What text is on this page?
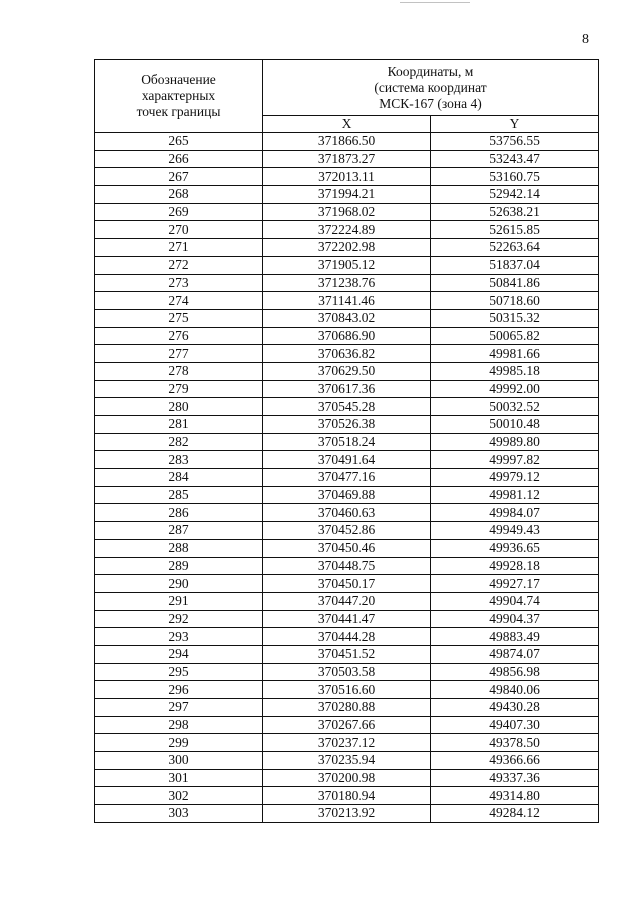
8
Обозначение
характерных
точек границы	Координаты, м
(система координат
МСК-167 (зона 4)	

	X	Y
265	371866.50	53756.55
266	371873.27	53243.47
267	372013.11	53160.75
268	371994.21	52942.14
269	371968.02	52638.21
270	372224.89	52615.85
271	372202.98	52263.64
272	371905.12	51837.04
273	371238.76	50841.86
274	371141.46	50718.60
275	370843.02	50315.32
276	370686.90	50065.82
277	370636.82	49981.66
278	370629.50	49985.18
279	370617.36	49992.00
280	370545.28	50032.52
281	370526.38	50010.48
282	370518.24	49989.80
283	370491.64	49997.82
284	370477.16	49979.12
285	370469.88	49981.12
286	370460.63	49984.07
287	370452.86	49949.43
288	370450.46	49936.65
289	370448.75	49928.18
290	370450.17	49927.17
291	370447.20	49904.74
292	370441.47	49904.37
293	370444.28	49883.49
294	370451.52	49874.07
295	370503.58	49856.98
296	370516.60	49840.06
297	370280.88	49430.28
298	370267.66	49407.30
299	370237.12	49378.50
300	370235.94	49366.66
301	370200.98	49337.36
302	370180.94	49314.80
303	370213.92	49284.12
